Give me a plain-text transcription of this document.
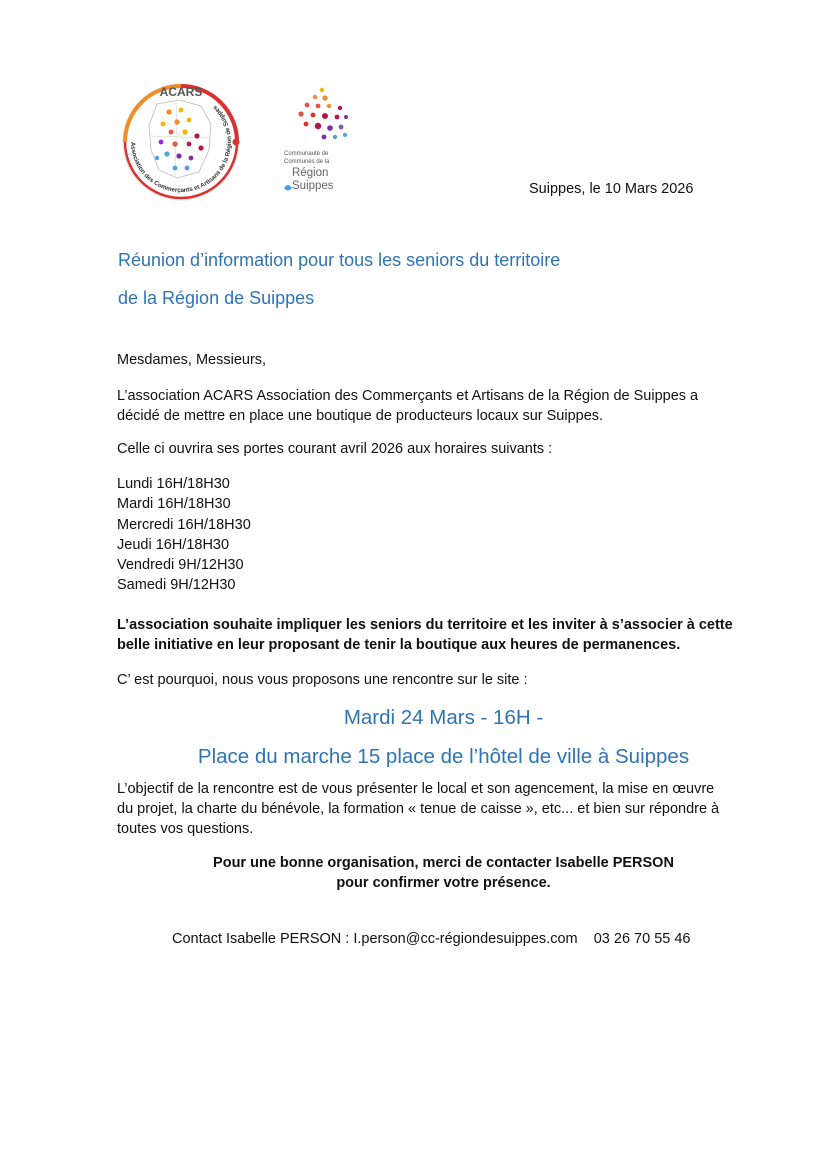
ACARS
Association des Commerçants et Artisans de la Région de Suippes
Communauté de
Communes de la
Région
Suippes	Suippes, le 10 Mars 2026
Réunion d’information pour tous les seniors du territoire
de la Région de Suippes
Mesdames, Messieurs,
L’association ACARS Association des Commerçants et Artisans de la Région de Suippes a
décidé de mettre en place une boutique de producteurs locaux sur Suippes.
Celle ci ouvrira ses portes courant avril 2026 aux horaires suivants :
Lundi 16H/18H30
Mardi 16H/18H30
Mercredi 16H/18H30
Jeudi 16H/18H30
Vendredi 9H/12H30
Samedi 9H/12H30
L’association souhaite impliquer les seniors du territoire et les inviter à s’associer à cette
belle initiative en leur proposant de tenir la boutique aux heures de permanences.
C’ est pourquoi, nous vous proposons une rencontre sur le site :
Mardi 24 Mars - 16H -
Place du marche 15 place de l’hôtel de ville à Suippes
L’objectif de la rencontre est de vous présenter le local et son agencement, la mise en œuvre
du projet, la charte du bénévole, la formation « tenue de caisse », etc... et bien sur répondre à
toutes vos questions.
Pour une bonne organisation, merci de contacter Isabelle PERSON
pour confirmer votre présence.
Contact Isabelle PERSON : I.person@cc-régiondesuippes.com 03 26 70 55 46
